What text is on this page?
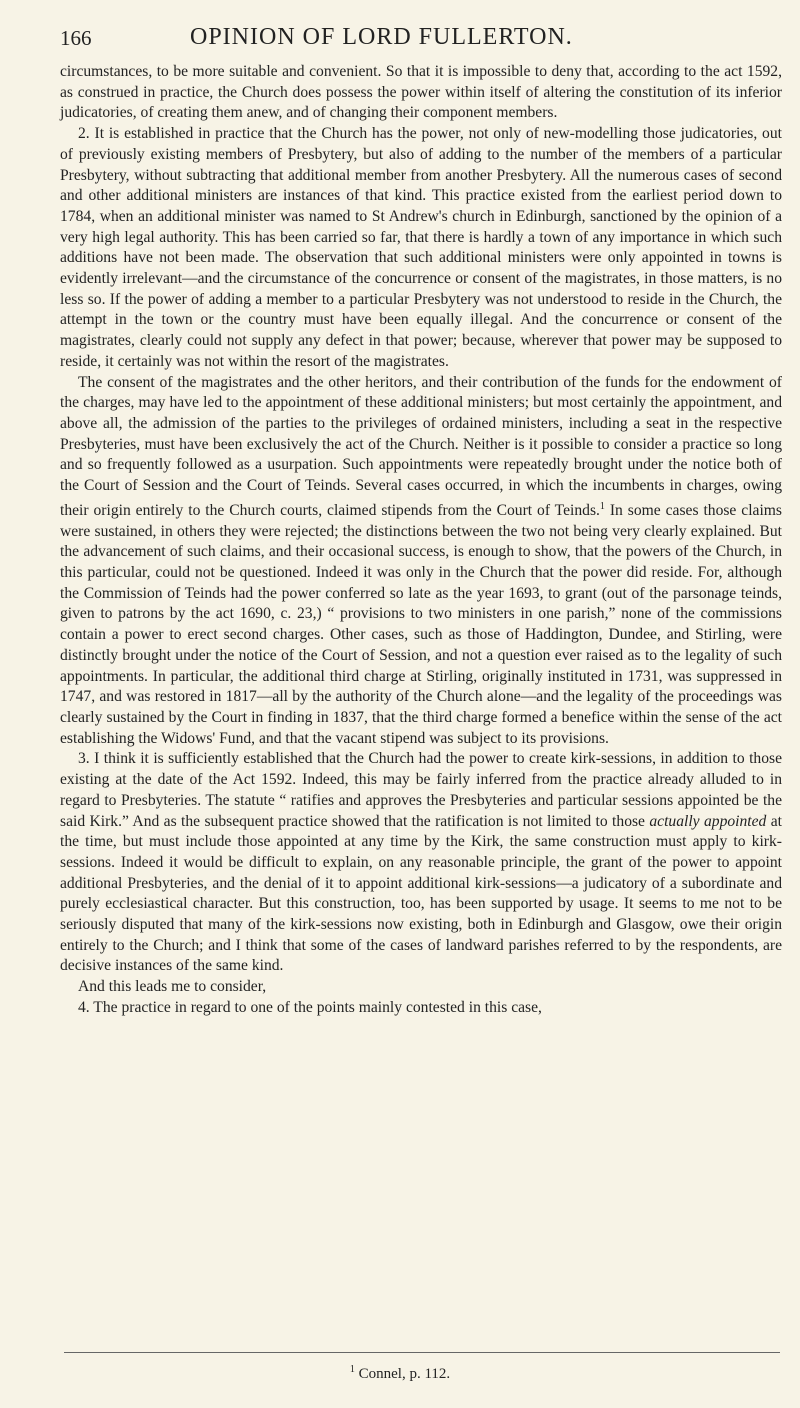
166	OPINION OF LORD FULLERTON.

circumstances, to be more suitable and convenient. So that it is impossible to deny that, according to the act 1592, as construed in practice, the Church does possess the power within itself of altering the constitution of its inferior judicatories, of creating them anew, and of changing their component members.

2. It is established in practice that the Church has the power, not only of new-modelling those judicatories, out of previously existing members of Presbytery, but also of adding to the number of the members of a particular Presbytery, without subtracting that additional member from another Presbytery. All the numerous cases of second and other additional ministers are instances of that kind. This practice existed from the earliest period down to 1784, when an additional minister was named to St Andrew's church in Edinburgh, sanctioned by the opinion of a very high legal authority. This has been carried so far, that there is hardly a town of any importance in which such additions have not been made. The observation that such additional ministers were only appointed in towns is evidently irrelevant—and the circumstance of the concurrence or consent of the magistrates, in those matters, is no less so. If the power of adding a member to a particular Presbytery was not understood to reside in the Church, the attempt in the town or the country must have been equally illegal. And the concurrence or consent of the magistrates, clearly could not supply any defect in that power; because, wherever that power may be supposed to reside, it certainly was not within the resort of the magistrates.

The consent of the magistrates and the other heritors, and their contribution of the funds for the endowment of the charges, may have led to the appointment of these additional ministers; but most certainly the appointment, and above all, the admission of the parties to the privileges of ordained ministers, including a seat in the respective Presbyteries, must have been exclusively the act of the Church. Neither is it possible to consider a practice so long and so frequently followed as a usurpation. Such appointments were repeatedly brought under the notice both of the Court of Session and the Court of Teinds. Several cases occurred, in which the incumbents in charges, owing their origin entirely to the Church courts, claimed stipends from the Court of Teinds.$^1$ In some cases those claims were sustained, in others they were rejected; the distinctions between the two not being very clearly explained. But the advancement of such claims, and their occasional success, is enough to show, that the powers of the Church, in this particular, could not be questioned. Indeed it was only in the Church that the power did reside. For, although the Commission of Teinds had the power conferred so late as the year 1693, to grant (out of the parsonage teinds, given to patrons by the act 1690, c. 23,) “ provisions to two ministers in one parish,” none of the commissions contain a power to erect second charges. Other cases, such as those of Haddington, Dundee, and Stirling, were distinctly brought under the notice of the Court of Session, and not a question ever raised as to the legality of such appointments. In particular, the additional third charge at Stirling, originally instituted in 1731, was suppressed in 1747, and was restored in 1817—all by the authority of the Church alone—and the legality of the proceedings was clearly sustained by the Court in finding in 1837, that the third charge formed a benefice within the sense of the act establishing the Widows' Fund, and that the vacant stipend was subject to its provisions.

3. I think it is sufficiently established that the Church had the power to create kirk-sessions, in addition to those existing at the date of the Act 1592. Indeed, this may be fairly inferred from the practice already alluded to in regard to Presbyteries. The statute “ ratifies and approves the Presbyteries and particular sessions appointed be the said Kirk.” And as the subsequent practice showed that the ratification is not limited to those actually appointed at the time, but must include those appointed at any time by the Kirk, the same construction must apply to kirk-sessions. Indeed it would be difficult to explain, on any reasonable principle, the grant of the power to appoint additional Presbyteries, and the denial of it to appoint additional kirk-sessions—a judicatory of a subordinate and purely ecclesiastical character. But this construction, too, has been supported by usage. It seems to me not to be seriously disputed that many of the kirk-sessions now existing, both in Edinburgh and Glasgow, owe their origin entirely to the Church; and I think that some of the cases of landward parishes referred to by the respondents, are decisive instances of the same kind.

And this leads me to consider,

4. The practice in regard to one of the points mainly contested in this case,

$^1$ Connel, p. 112.
